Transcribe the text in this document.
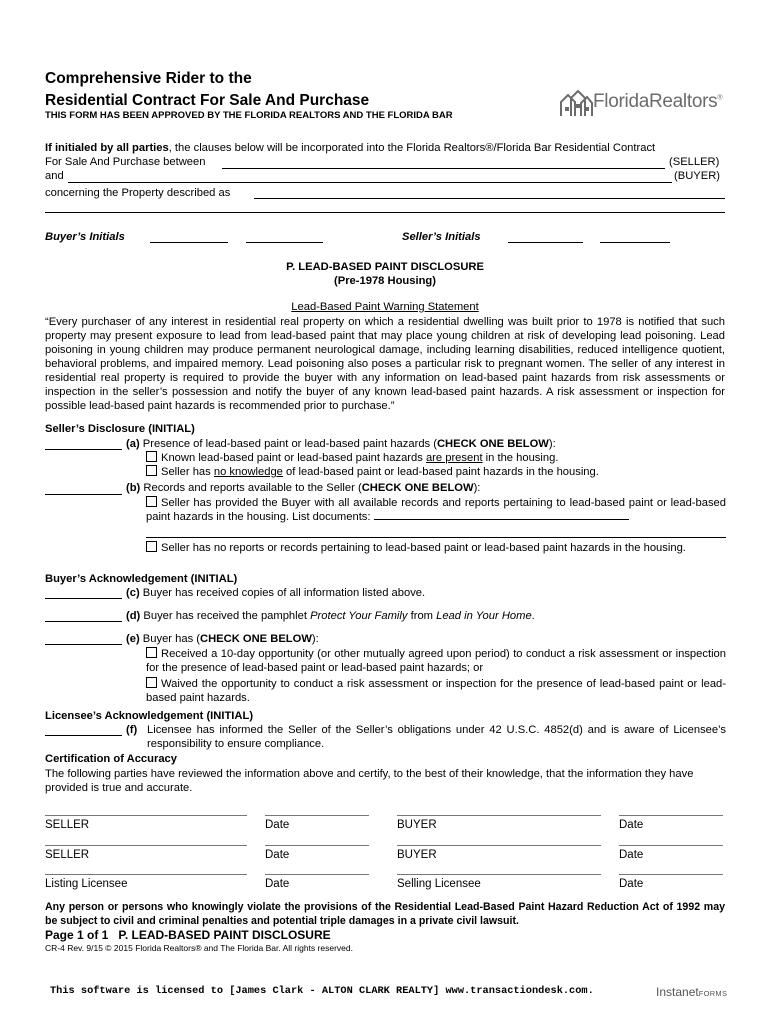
Comprehensive Rider to the
Residential Contract For Sale And Purchase
THIS FORM HAS BEEN APPROVED BY THE FLORIDA REALTORS AND THE FLORIDA BAR
FloridaRealtors®
If initialed by all parties, the clauses below will be incorporated into the Florida Realtors®/Florida Bar Residential Contract
For Sale And Purchase between	(SELLER)
and	(BUYER)
concerning the Property described as
Buyer’s Initials	Seller’s Initials
P. LEAD-BASED PAINT DISCLOSURE
(Pre-1978 Housing)
Lead-Based Paint Warning Statement
“Every purchaser of any interest in residential real property on which a residential dwelling was built prior to 1978 is notified that such property may present exposure to lead from lead-based paint that may place young children at risk of developing lead poisoning. Lead poisoning in young children may produce permanent neurological damage, including learning disabilities, reduced intelligence quotient, behavioral problems, and impaired memory. Lead poisoning also poses a particular risk to pregnant women. The seller of any interest in residential real property is required to provide the buyer with any information on lead-based paint hazards from risk assessments or inspection in the seller’s possession and notify the buyer of any known lead-based paint hazards. A risk assessment or inspection for possible lead-based paint hazards is recommended prior to purchase.”
Seller’s Disclosure (INITIAL)
(a) Presence of lead-based paint or lead-based paint hazards (CHECK ONE BELOW):
Known lead-based paint or lead-based paint hazards are present in the housing.
Seller has no knowledge of lead-based paint or lead-based paint hazards in the housing.
(b) Records and reports available to the Seller (CHECK ONE BELOW):
Seller has provided the Buyer with all available records and reports pertaining to lead-based paint or lead-based paint hazards in the housing. List documents:
Seller has no reports or records pertaining to lead-based paint or lead-based paint hazards in the housing.
Buyer’s Acknowledgement (INITIAL)
(c) Buyer has received copies of all information listed above.
(d) Buyer has received the pamphlet Protect Your Family from Lead in Your Home.
(e) Buyer has (CHECK ONE BELOW):
Received a 10-day opportunity (or other mutually agreed upon period) to conduct a risk assessment or inspection for the presence of lead-based paint or lead-based paint hazards; or
Waived the opportunity to conduct a risk assessment or inspection for the presence of lead-based paint or lead-based paint hazards.
Licensee’s Acknowledgement (INITIAL)
(f) Licensee has informed the Seller of the Seller’s obligations under 42 U.S.C. 4852(d) and is aware of Licensee’s responsibility to ensure compliance.
Certification of Accuracy
The following parties have reviewed the information above and certify, to the best of their knowledge, that the information they have provided is true and accurate.
SELLER	Date	BUYER	Date
SELLER	Date	BUYER	Date
Listing Licensee	Date	Selling Licensee	Date
Any person or persons who knowingly violate the provisions of the Residential Lead-Based Paint Hazard Reduction Act of 1992 may be subject to civil and criminal penalties and potential triple damages in a private civil lawsuit.
Page 1 of 1 P. LEAD-BASED PAINT DISCLOSURE
CR-4 Rev. 9/15 © 2015 Florida Realtors® and The Florida Bar. All rights reserved.
This software is licensed to [James Clark - ALTON CLARK REALTY] www.transactiondesk.com.	InstanetFORMS
